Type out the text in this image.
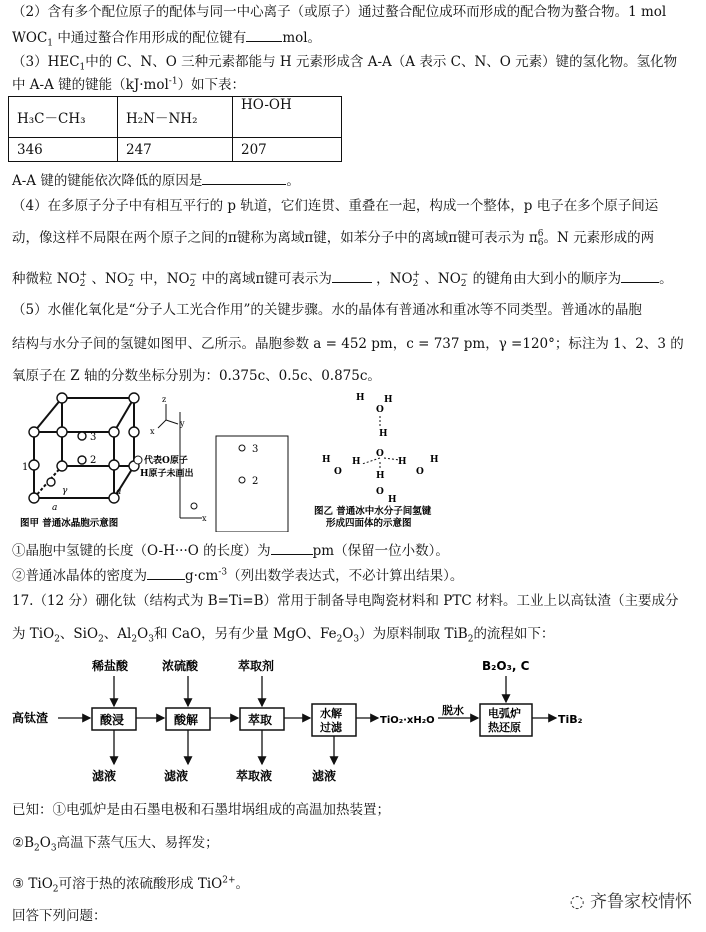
（2）含有多个配位原子的配体与同一中心离子（或原子）通过螯合配位成环而形成的配合物为螯合物。1 mol
$WOC_1$ 中通过螯合作用形成的配位键有	mol。
$(3)HEC_1$中的 C、N、O 三种元素都能与 H 元素形成含 A-A（A 表示 C、N、O 元素）键的氢化物。氢化物
中 A-A 键的键能（kJ·mol$^{-1}$）如下表：
H₃C－CH₃	H₂N－NH₂	HO-OH
346	247	207
A-A 键的键能依次降低的原因是	。
（4）在多原子分子中有相互平行的 p 轨道，它们连贯、重叠在一起，构成一个整体，p 电子在多个原子间运
动，像这样不局限在两个原子之间的π键称为离域π键，如苯分子中的离域π键可表示为 π 6
6 。N 元素形成的两
种微粒 NO +
2 、NO −
2 中，NO −
2 中的离域π键可表示为	，NO +
2 、NO −
2 的键角由大到小的顺序为	。
（5）水催化氧化是“分子人工光合作用”的关键步骤。水的晶体有普通冰和重冰等不同类型。普通冰的晶胞
结构与水分子间的氢键如图甲、乙所示。晶胞参数 a = 452 pm，c = 737 pm，γ =120°；标注为 1、2、3 的
氧原子在 Z 轴的分数坐标分别为：0.375c、0.5c、0.875c。
3
2
1
a
a
γ
z
x
y
代表O原子
H原子未画出
图甲 普通冰晶胞示意图	x
3
2
H
O
H
H
O
H
O
H	H
O
H
O
H
H
图乙 普通冰中水分子间氢键
形成四面体的示意图
①晶胞中氢键的长度（O-H···O 的长度）为	pm（保留一位小数）。
②普通冰晶体的密度为	$g\cdot cm^{-3}$（列出数学表达式，不必计算出结果）。
17.（12 分）硼化钛（结构式为 B=Ti=B）常用于制备导电陶瓷材料和 PTC 材料。工业上以高钛渣（主要成分
为 TiO$_2$、SiO$_2$、$Al_2O_3$和 CaO，另有少量 MgO、$Fe_2O_3$）为原料制取 TiB$_2$的流程如下：
高钛渣
稀盐酸	浓硫酸	萃取剂	B₂O₃, C
酸浸	酸解	萃取	水解
过滤
TiO₂·xH₂O
脱水 电弧炉
热还原
TiB₂
滤液	滤液	萃取液	滤液
已知：①电弧炉是由石墨电极和石墨坩埚组成的高温加热装置；
$②B_2O_3$高温下蒸气压大、易挥发；
③ TiO$_2$可溶于热的浓硫酸形成 TiO$^{2+}$。
回答下列问题：
◌ 齐鲁家校情怀
